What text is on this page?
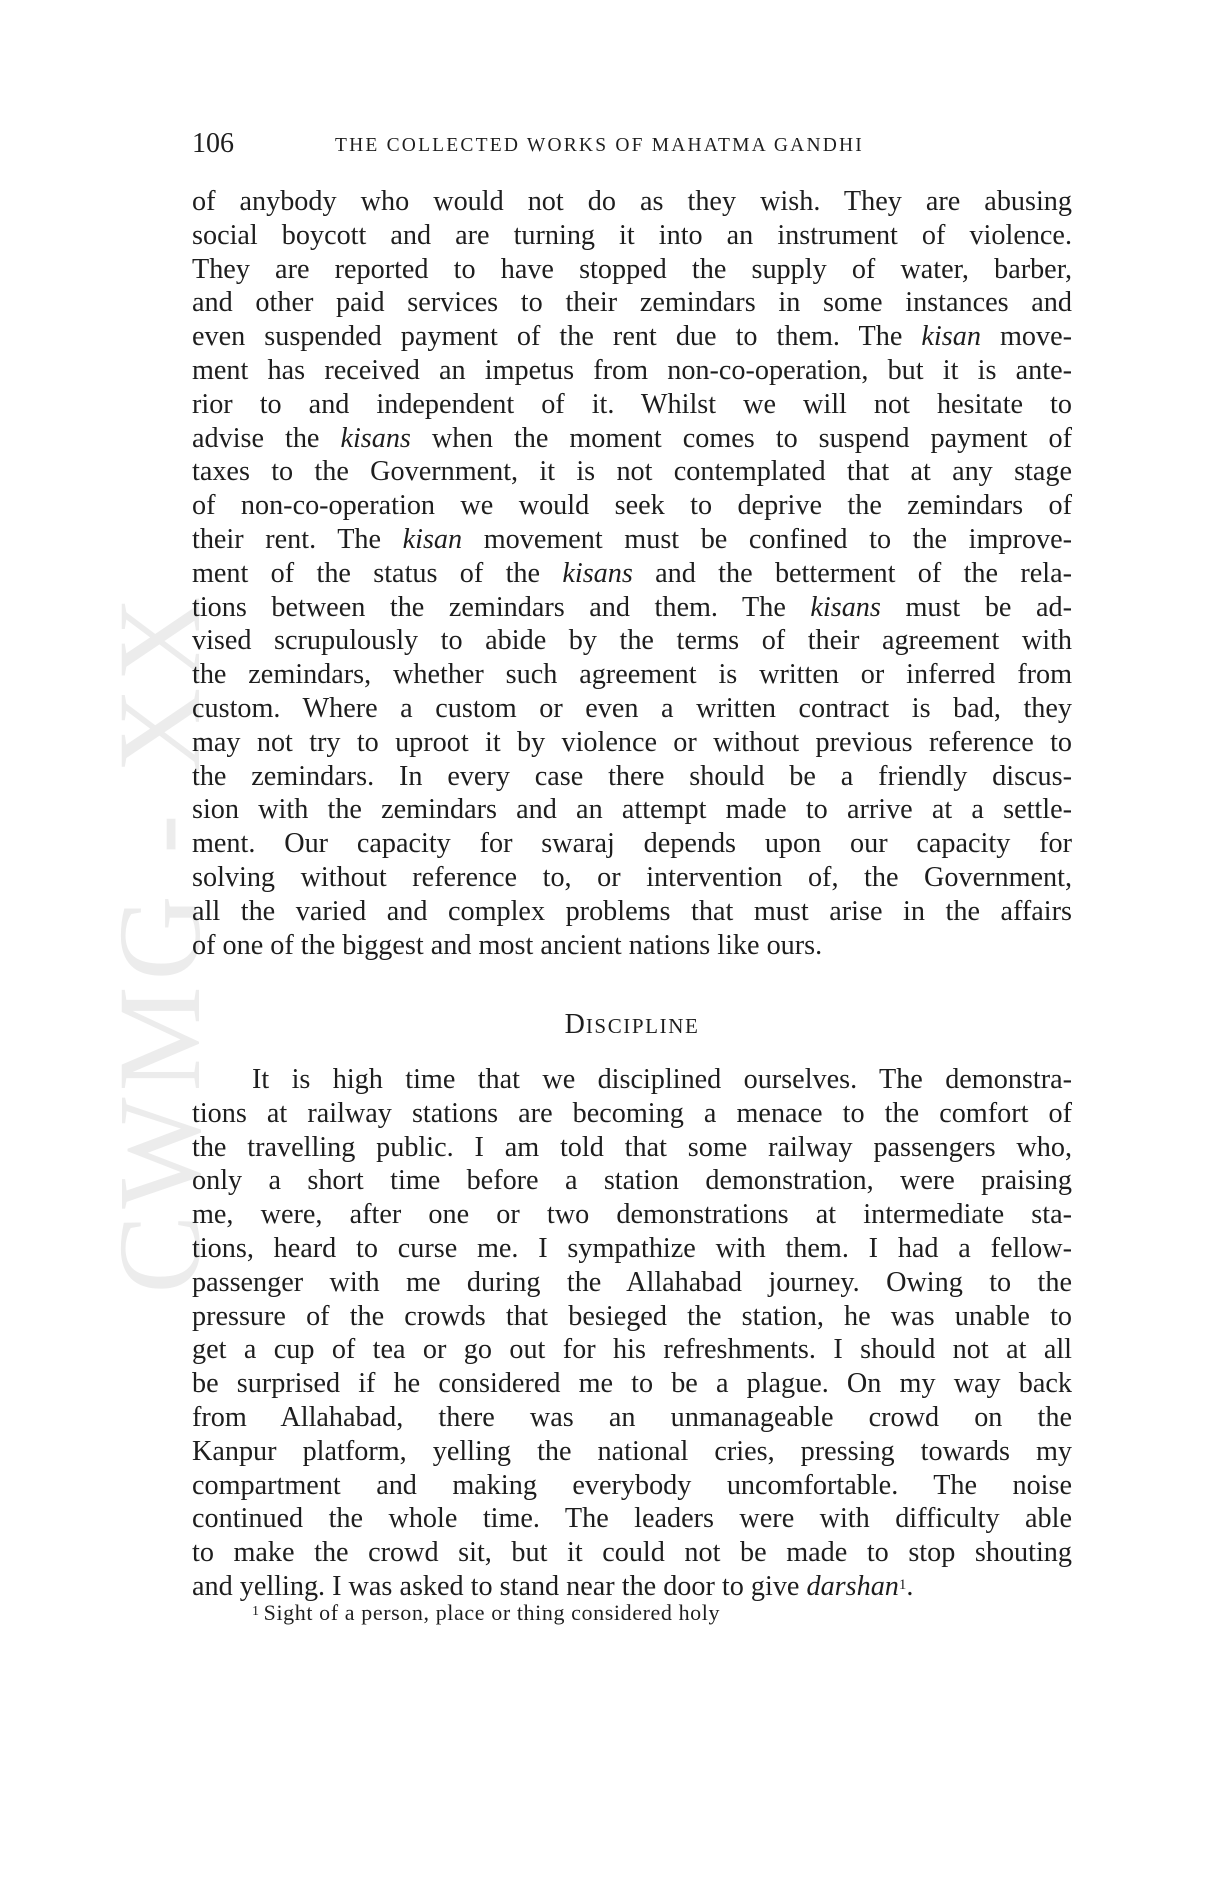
CWMG - XX
106	THE COLLECTED WORKS OF MAHATMA GANDHI
of anybody who would not do as they wish. They are abusing
social boycott and are turning it into an instrument of violence.
They are reported to have stopped the supply of water, barber,
and other paid services to their zemindars in some instances and
even suspended payment of the rent due to them. The kisan move-
ment has received an impetus from non-co-operation, but it is ante-
rior to and independent of it. Whilst we will not hesitate to
advise the kisans when the moment comes to suspend payment of
taxes to the Government, it is not contemplated that at any stage
of non-co-operation we would seek to deprive the zemindars of
their rent. The kisan movement must be confined to the improve-
ment of the status of the kisans and the betterment of the rela-
tions between the zemindars and them. The kisans must be ad-
vised scrupulously to abide by the terms of their agreement with
the zemindars, whether such agreement is written or inferred from
custom. Where a custom or even a written contract is bad, they
may not try to uproot it by violence or without previous reference to
the zemindars. In every case there should be a friendly discus-
sion with the zemindars and an attempt made to arrive at a settle-
ment. Our capacity for swaraj depends upon our capacity for
solving without reference to, or intervention of, the Government,
all the varied and complex problems that must arise in the affairs
of one of the biggest and most ancient nations like ours.
DISCIPLINE
It is high time that we disciplined ourselves. The demonstra-
tions at railway stations are becoming a menace to the comfort of
the travelling public. I am told that some railway passengers who,
only a short time before a station demonstration, were praising
me, were, after one or two demonstrations at intermediate sta-
tions, heard to curse me. I sympathize with them. I had a fellow-
passenger with me during the Allahabad journey. Owing to the
pressure of the crowds that besieged the station, he was unable to
get a cup of tea or go out for his refreshments. I should not at all
be surprised if he considered me to be a plague. On my way back
from Allahabad, there was an unmanageable crowd on the
Kanpur platform, yelling the national cries, pressing towards my
compartment and making everybody uncomfortable. The noise
continued the whole time. The leaders were with difficulty able
to make the crowd sit, but it could not be made to stop shouting
and yelling. I was asked to stand near the door to give darshan$^1$.
$^1$ Sight of a person, place or thing considered holy
